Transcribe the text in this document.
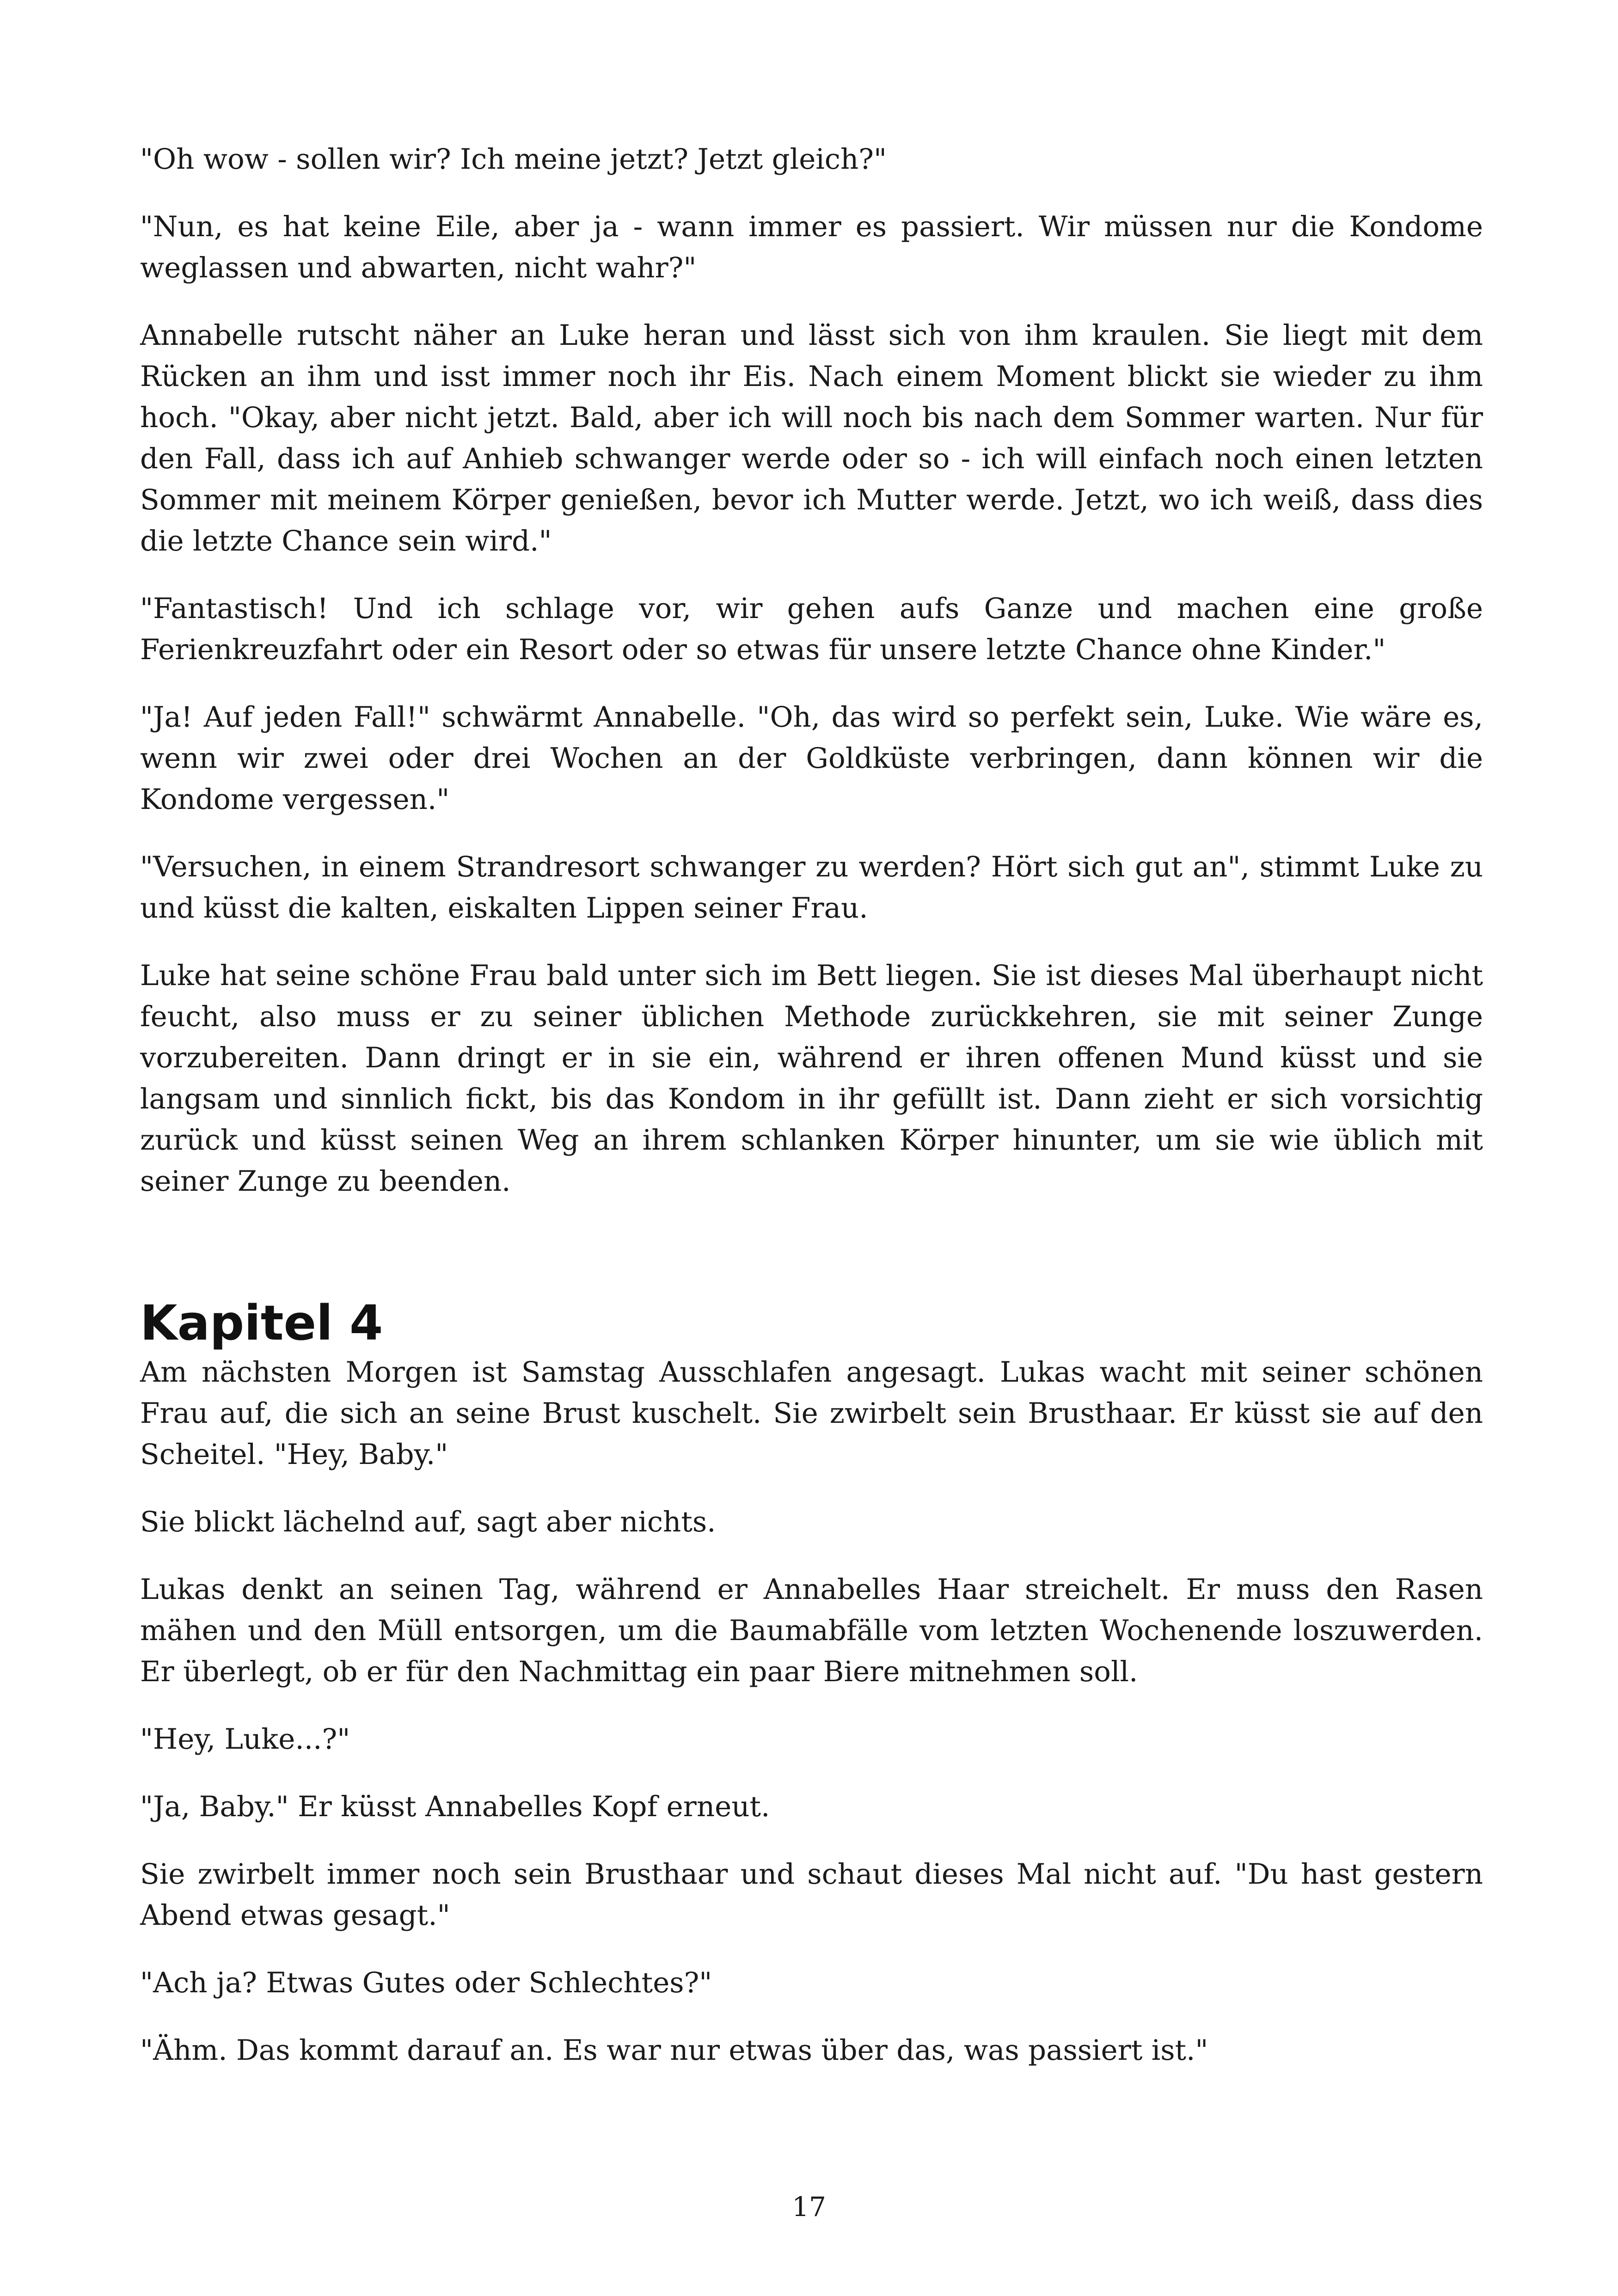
"Oh wow - sollen wir? Ich meine jetzt? Jetzt gleich?"

"Nun, es hat keine Eile, aber ja - wann immer es passiert. Wir müssen nur die Kondome weglassen und abwarten, nicht wahr?"

Annabelle rutscht näher an Luke heran und lässt sich von ihm kraulen. Sie liegt mit dem Rücken an ihm und isst immer noch ihr Eis. Nach einem Moment blickt sie wieder zu ihm hoch. "Okay, aber nicht jetzt. Bald, aber ich will noch bis nach dem Sommer warten. Nur für den Fall, dass ich auf Anhieb schwanger werde oder so - ich will einfach noch einen letzten Sommer mit meinem Körper genießen, bevor ich Mutter werde. Jetzt, wo ich weiß, dass dies die letzte Chance sein wird."

"Fantastisch! Und ich schlage vor, wir gehen aufs Ganze und machen eine große Ferienkreuzfahrt oder ein Resort oder so etwas für unsere letzte Chance ohne Kinder."

"Ja! Auf jeden Fall!" schwärmt Annabelle. "Oh, das wird so perfekt sein, Luke. Wie wäre es, wenn wir zwei oder drei Wochen an der Goldküste verbringen, dann können wir die Kondome vergessen."

"Versuchen, in einem Strandresort schwanger zu werden? Hört sich gut an", stimmt Luke zu und küsst die kalten, eiskalten Lippen seiner Frau.

Luke hat seine schöne Frau bald unter sich im Bett liegen. Sie ist dieses Mal überhaupt nicht feucht, also muss er zu seiner üblichen Methode zurückkehren, sie mit seiner Zunge vorzubereiten. Dann dringt er in sie ein, während er ihren offenen Mund küsst und sie langsam und sinnlich fickt, bis das Kondom in ihr gefüllt ist. Dann zieht er sich vorsichtig zurück und küsst seinen Weg an ihrem schlanken Körper hinunter, um sie wie üblich mit seiner Zunge zu beenden.

Kapitel 4

Am nächsten Morgen ist Samstag Ausschlafen angesagt. Lukas wacht mit seiner schönen Frau auf, die sich an seine Brust kuschelt. Sie zwirbelt sein Brusthaar. Er küsst sie auf den Scheitel. "Hey, Baby."

Sie blickt lächelnd auf, sagt aber nichts.

Lukas denkt an seinen Tag, während er Annabelles Haar streichelt. Er muss den Rasen mähen und den Müll entsorgen, um die Baumabfälle vom letzten Wochenende loszuwerden. Er überlegt, ob er für den Nachmittag ein paar Biere mitnehmen soll.

"Hey, Luke...?"

"Ja, Baby." Er küsst Annabelles Kopf erneut.

Sie zwirbelt immer noch sein Brusthaar und schaut dieses Mal nicht auf. "Du hast gestern Abend etwas gesagt."

"Ach ja? Etwas Gutes oder Schlechtes?"

"Ähm. Das kommt darauf an. Es war nur etwas über das, was passiert ist."

17
